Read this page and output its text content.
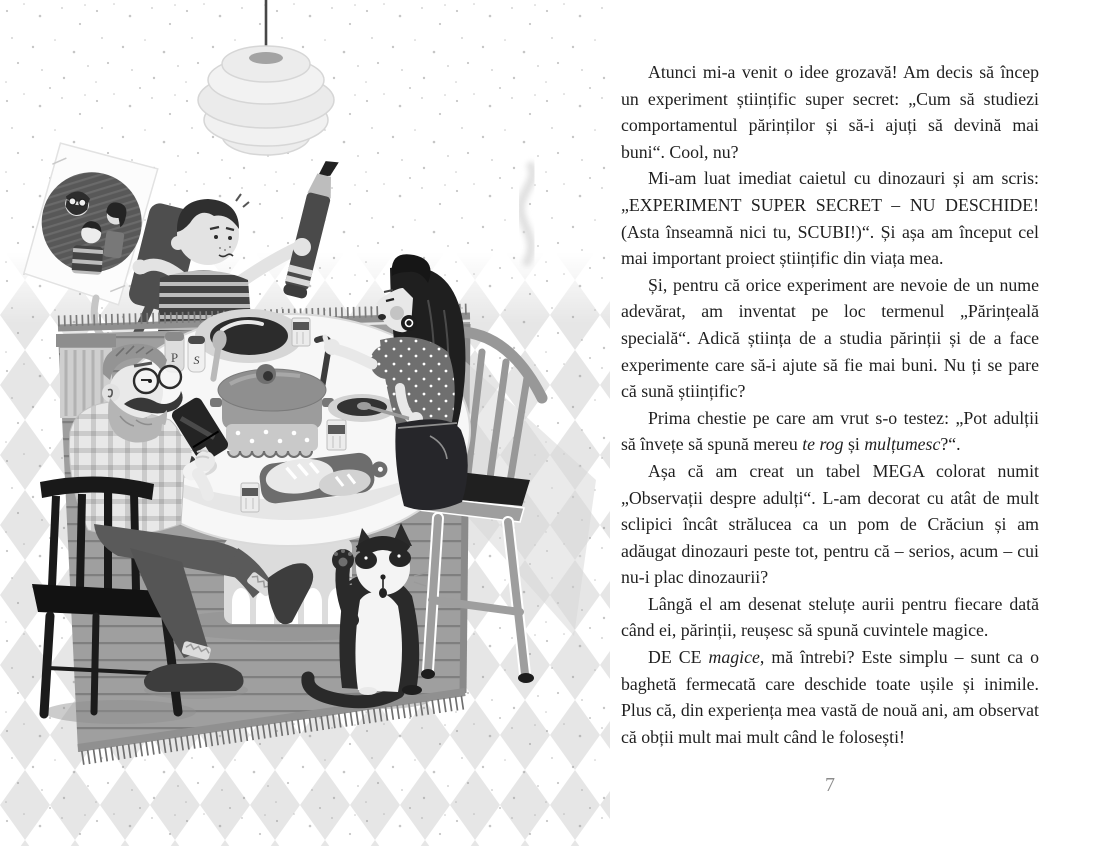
P S

Atunci mi-a venit o idee grozavă! Am decis să încep un experiment științific super secret: „Cum să studiezi comportamentul părinților și să-i ajuți să devină mai buni“. Cool, nu?

Mi-am luat imediat caietul cu dinozauri și am scris: „EXPERIMENT SUPER SECRET – NU DESCHIDE! (Asta înseamnă nici tu, SCUBI!)“. Și așa am început cel mai important proiect științific din viața mea.

Și, pentru că orice experiment are nevoie de un nume adevărat, am inventat pe loc termenul „Părințeală specială“. Adică știința de a studia părinții și de a face experimente care să-i ajute să fie mai buni. Nu ți se pare că sună științific?

Prima chestie pe care am vrut s-o testez: „Pot adulții să învețe să spună mereu te rog și mulțumesc?“.

Așa că am creat un tabel MEGA colorat numit „Observații despre adulți“. L-am decorat cu atât de mult sclipici încât strălucea ca un pom de Crăciun și am adăugat dinozauri peste tot, pentru că – serios, acum – cui nu-i plac dinozaurii?

Lângă el am desenat steluțe aurii pentru fiecare dată când ei, părinții, reușesc să spună cuvintele magice.

DE CE magice, mă întrebi? Este simplu – sunt ca o baghetă fermecată care deschide toate ușile și inimile. Plus că, din experiența mea vastă de nouă ani, am observat că obții mult mai mult când le folosești!

7
